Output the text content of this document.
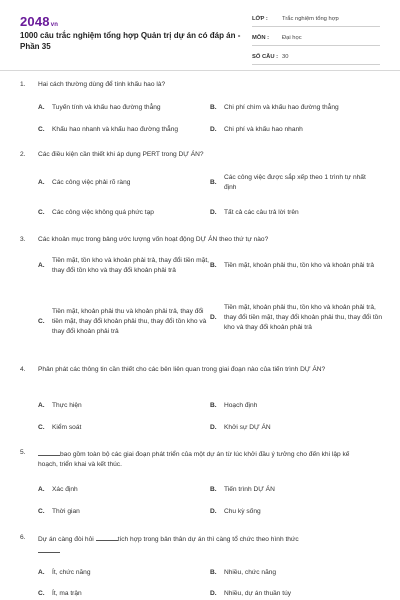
2048vn
1000 câu trắc nghiệm tổng hợp Quản trị dự án có đáp án - Phần 35
LỚP :	Trắc nghiệm tổng hợp
MÔN :	Đại học
SỐ CÂU : 30
1. Hai cách thường dùng để tính khấu hao là?
A.	Tuyến tính và khấu hao đường thẳng	B.	Chi phí chìm và khấu hao đường thẳng
C.	Khấu hao nhanh và khấu hao đường thẳng	D.	Chi phí và khấu hao nhanh
2. Các điều kiện cần thiết khi áp dụng PERT trong DỰ ÁN?
A.	Các công việc phải rõ ràng	B.
Các công việc được sắp xếp theo 1 trình tự nhất định
C.	Các công việc không quá phức tạp	D.	Tất cả các câu trả lời trên
3. Các khoản mục trong bảng ước lượng vốn hoạt động DỰ ÁN theo thứ tự nào?
A.
Tiền mặt, tồn kho và khoản phải trả, thay đổi tiền mặt, thay đổi tồn kho và thay đổi khoản phải trả
B.	Tiền mặt, khoản phải thu, tồn kho và khoản phải trả
C.
Tiền mặt, khoản phải thu và khoản phải trả, thay đổi tiền mặt, thay đổi khoản phải thu, thay đổi tồn kho và thay đổi khoản phải trả
D.
Tiền mặt, khoản phải thu, tồn kho và khoản phải trả, thay đổi tiền mặt, thay đổi khoản phải thu, thay đổi tồn kho và thay đổi khoản phải trả
4. Phân phát các thông tin cần thiết cho các bên liên quan trong giai đoạn nào của tiến trình DỰ ÁN?
A.	Thực hiện	B.	Hoạch định
C.	Kiểm soát	D.	Khởi sự DỰ ÁN
5.	bao gồm toàn bộ các giai đoạn phát triển của một dự án từ lúc khởi đầu ý tưởng cho đến khi lập kế hoạch, triển khai và kết thúc.
A.	Xác định	B.	Tiến trình DỰ ÁN
C.	Thời gian	D.	Chu kỳ sống
6. Dự án càng đòi hỏi	tích hợp trong bản thân dự án thì càng tổ chức theo hình thức

A.	Ít, chức năng	B.	Nhiều, chức năng
C.	Ít, ma trận	D.	Nhiều, dự án thuần túy
